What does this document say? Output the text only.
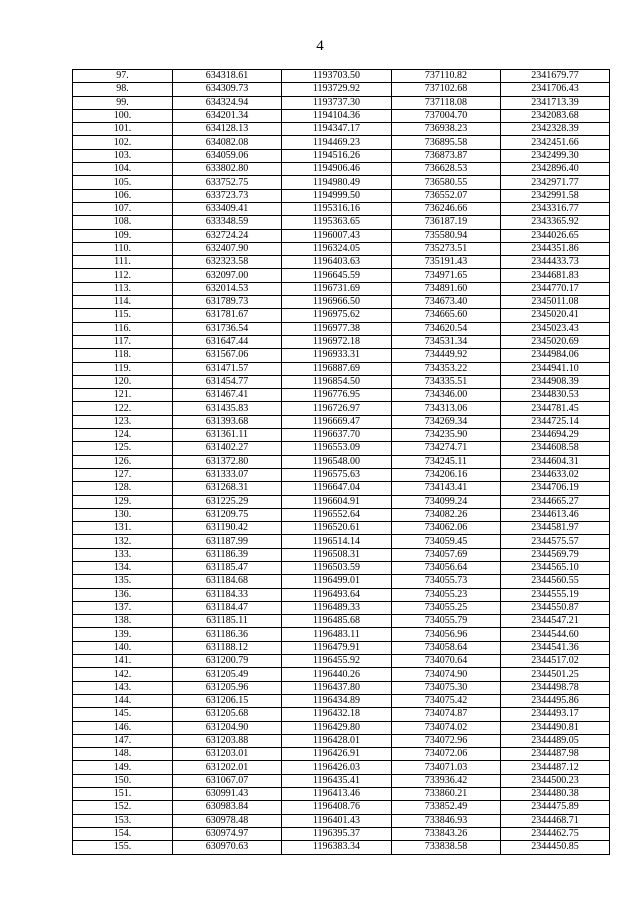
4
97.	634318.61	1193703.50	737110.82	2341679.77
98.	634309.73	1193729.92	737102.68	2341706.43
99.	634324.94	1193737.30	737118.08	2341713.39
100.	634201.34	1194104.36	737004.70	2342083.68
101.	634128.13	1194347.17	736938.23	2342328.39
102.	634082.08	1194469.23	736895.58	2342451.66
103.	634059.06	1194516.26	736873.87	2342499.30
104.	633802.80	1194906.46	736628.53	2342896.40
105.	633752.75	1194980.49	736580.55	2342971.77
106.	633723.73	1194999.50	736552.07	2342991.58
107.	633409.41	1195316.16	736246.66	2343316.77
108.	633348.59	1195363.65	736187.19	2343365.92
109.	632724.24	1196007.43	735580.94	2344026.65
110.	632407.90	1196324.05	735273.51	2344351.86
111.	632323.58	1196403.63	735191.43	2344433.73
112.	632097.00	1196645.59	734971.65	2344681.83
113.	632014.53	1196731.69	734891.60	2344770.17
114.	631789.73	1196966.50	734673.40	2345011.08
115.	631781.67	1196975.62	734665.60	2345020.41
116.	631736.54	1196977.38	734620.54	2345023.43
117.	631647.44	1196972.18	734531.34	2345020.69
118.	631567.06	1196933.31	734449.92	2344984.06
119.	631471.57	1196887.69	734353.22	2344941.10
120.	631454.77	1196854.50	734335.51	2344908.39
121.	631467.41	1196776.95	734346.00	2344830.53
122.	631435.83	1196726.97	734313.06	2344781.45
123.	631393.68	1196669.47	734269.34	2344725.14
124.	631361.11	1196637.70	734235.90	2344694.29
125.	631402.27	1196553.09	734274.71	2344608.58
126.	631372.80	1196548.00	734245.11	2344604.31
127.	631333.07	1196575.63	734206.16	2344633.02
128.	631268.31	1196647.04	734143.41	2344706.19
129.	631225.29	1196604.91	734099.24	2344665.27
130.	631209.75	1196552.64	734082.26	2344613.46
131.	631190.42	1196520.61	734062.06	2344581.97
132.	631187.99	1196514.14	734059.45	2344575.57
133.	631186.39	1196508.31	734057.69	2344569.79
134.	631185.47	1196503.59	734056.64	2344565.10
135.	631184.68	1196499.01	734055.73	2344560.55
136.	631184.33	1196493.64	734055.23	2344555.19
137.	631184.47	1196489.33	734055.25	2344550.87
138.	631185.11	1196485.68	734055.79	2344547.21
139.	631186.36	1196483.11	734056.96	2344544.60
140.	631188.12	1196479.91	734058.64	2344541.36
141.	631200.79	1196455.92	734070.64	2344517.02
142.	631205.49	1196440.26	734074.90	2344501.25
143.	631205.96	1196437.80	734075.30	2344498.78
144.	631206.15	1196434.89	734075.42	2344495.86
145.	631205.68	1196432.18	734074.87	2344493.17
146.	631204.90	1196429.80	734074.02	2344490.81
147.	631203.88	1196428.01	734072.96	2344489.05
148.	631203.01	1196426.91	734072.06	2344487.98
149.	631202.01	1196426.03	734071.03	2344487.12
150.	631067.07	1196435.41	733936.42	2344500.23
151.	630991.43	1196413.46	733860.21	2344480.38
152.	630983.84	1196408.76	733852.49	2344475.89
153.	630978.48	1196401.43	733846.93	2344468.71
154.	630974.97	1196395.37	733843.26	2344462.75
155.	630970.63	1196383.34	733838.58	2344450.85
